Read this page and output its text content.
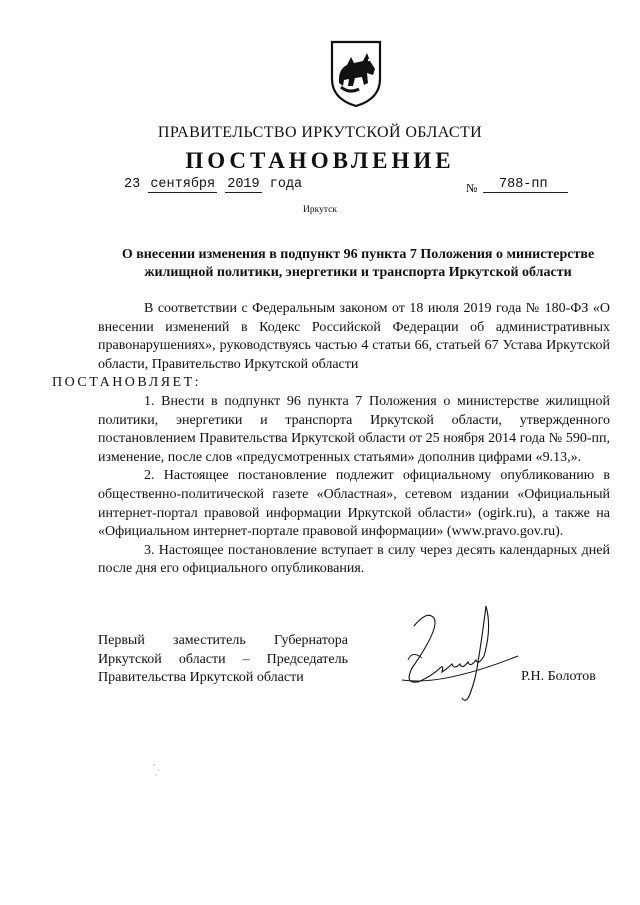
ПРАВИТЕЛЬСТВО ИРКУТСКОЙ ОБЛАСТИ
ПОСТАНОВЛЕНИЕ
23 сентября 2019 года	№	788-пп
Иркутск
О внесении изменения в подпункт 96 пункта 7 Положения о министерстве
жилищной политики, энергетики и транспорта Иркутской области

В соответствии с Федеральным законом от 18 июля 2019 года № 180-ФЗ «О внесении изменений в Кодекс Российской Федерации об административных правонарушениях», руководствуясь частью 4 статьи 66, статьей 67 Устава Иркутской области, Правительство Иркутской области
ПОСТАНОВЛЯЕТ:

1. Внести в подпункт 96 пункта 7 Положения о министерстве жилищной политики, энергетики и транспорта Иркутской области, утвержденного постановлением Правительства Иркутской области от 25 ноября 2014 года № 590-пп, изменение, после слов «предусмотренных статьями» дополнив цифрами «9.13,».

2. Настоящее постановление подлежит официальному опубликованию в общественно-политической газете «Областная», сетевом издании «Официальный интернет-портал правовой информации Иркутской области» (ogirk.ru), а также на «Официальном интернет-портале правовой информации» (www.pravo.gov.ru).

3. Настоящее постановление вступает в силу через десять календарных дней после дня его официального опубликования.

Первый заместитель Губернатора
Иркутской области – Председатель
Правительства Иркутской области	Р.Н. Болотов
